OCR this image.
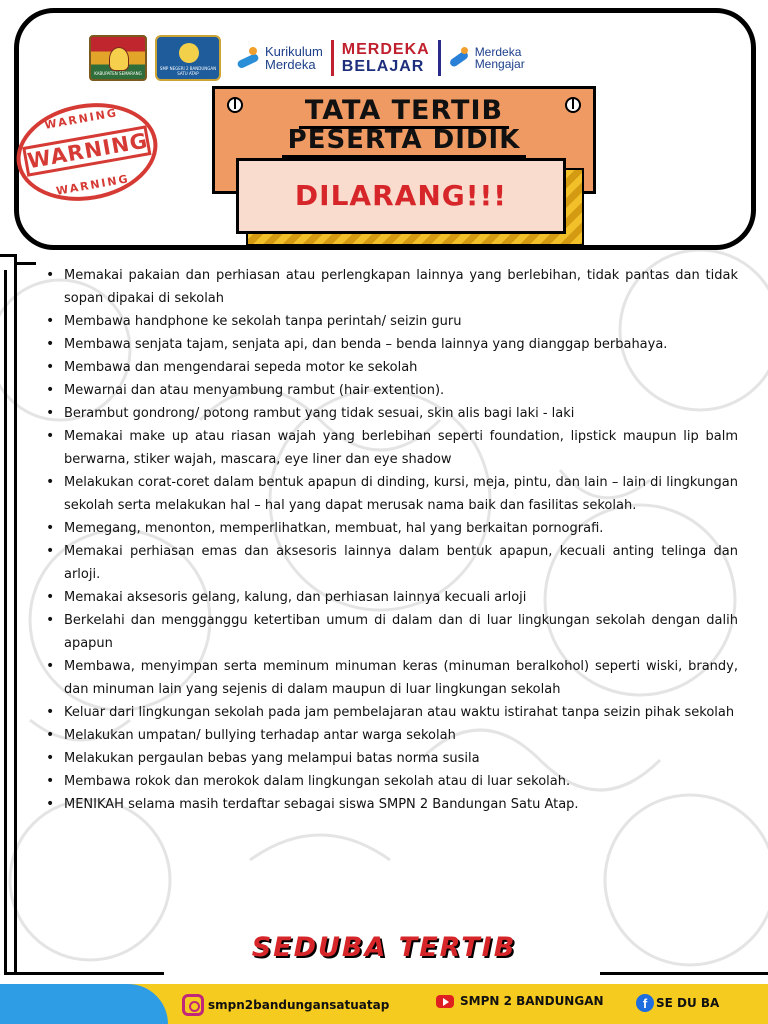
KABUPATEN SEMARANG
SMP NEGERI 2 BANDUNGAN SATU ATAP
Kurikulum
Merdeka
MERDEKA
BELAJAR
Merdeka
Mengajar
WARNING
WARNING
WARNING
TATA TERTIB
PESERTA DIDIK
DILARANG!!!
• Memakai pakaian dan perhiasan atau perlengkapan lainnya yang berlebihan, tidak pantas dan tidak sopan dipakai di sekolah
• Membawa handphone ke sekolah tanpa perintah/ seizin guru
• Membawa senjata tajam, senjata api, dan benda – benda lainnya yang dianggap berbahaya.
• Membawa dan mengendarai sepeda motor ke sekolah
• Mewarnai dan atau menyambung rambut (hair extention).
• Berambut gondrong/ potong rambut yang tidak sesuai, skin alis bagi laki - laki
• Memakai make up atau riasan wajah yang berlebihan seperti foundation, lipstick maupun lip balm berwarna, stiker wajah, mascara, eye liner dan eye shadow
• Melakukan corat-coret dalam bentuk apapun di dinding, kursi, meja, pintu, dan lain – lain di lingkungan sekolah serta melakukan hal – hal yang dapat merusak nama baik dan fasilitas sekolah.
• Memegang, menonton, memperlihatkan, membuat, hal yang berkaitan pornografi.
• Memakai perhiasan emas dan aksesoris lainnya dalam bentuk apapun, kecuali anting telinga dan arloji.
• Memakai aksesoris gelang, kalung, dan perhiasan lainnya kecuali arloji
• Berkelahi dan mengganggu ketertiban umum di dalam dan di luar lingkungan sekolah dengan dalih apapun
• Membawa, menyimpan serta meminum minuman keras (minuman beralkohol) seperti wiski, brandy, dan minuman lain yang sejenis di dalam maupun di luar lingkungan sekolah
• Keluar dari lingkungan sekolah pada jam pembelajaran atau waktu istirahat tanpa seizin pihak sekolah
• Melakukan umpatan/ bullying terhadap antar warga sekolah
• Melakukan pergaulan bebas yang melampui batas norma susila
• Membawa rokok dan merokok dalam lingkungan sekolah atau di luar sekolah.
• MENIKAH selama masih terdaftar sebagai siswa SMPN 2 Bandungan Satu Atap.
SEDUBA TERTIB
smpn2bandungansatuatap	SMPN 2 BANDUNGAN	f SE DU BA
